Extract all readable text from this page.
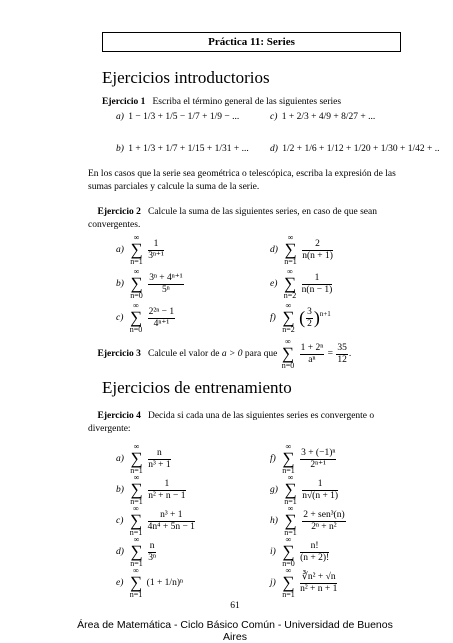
Práctica 11: Series
Ejercicios introductorios

Ejercicio 1 Escriba el término general de las siguientes series

a) 1 − 1/3 + 1/5 − 1/7 + 1/9 − ...
b) 1 + 1/3 + 1/7 + 1/15 + 1/31 + ...
c) 1 + 2/3 + 4/9 + 8/27 + ...
d) 1/2 + 1/6 + 1/12 + 1/20 + 1/30 + 1/42 + ..

En los casos que la serie sea geométrica o telescópica, escriba la expresión de las sumas parciales y calcule la suma de la serie.

Ejercicio 2 Calcule la suma de las siguientes series, en caso de que sean convergentes.

a) ∞
∑
$n=1 \frac{1}{\text{3ⁿ⁺¹}}$
b) ∞
∑
$n=0 \frac{\text{3ⁿ + 4ⁿ⁺¹}}{\text{5ⁿ}}$
c) ∞
∑
$n=0 \frac{\text{2²ⁿ − 1}}{\text{4ⁿ⁺¹}}$
d) ∞
∑
$n=1 \frac{2}{n(n + 1)}$
e) ∞
∑
$n=2 \frac{1}{n(n - 1)}$
f) ∞
∑
n=2 ( $\frac{3}{2} )^{n+1}$
Ejercicio 3 Calcule el valor de a > 0 para que ∞
∑
$n=0 \frac{\text{1 + 2ⁿ}}{\text{aⁿ}} = \frac{35}{12}$ .
Ejercicios de entrenamiento

Ejercicio 4 Decida si cada una de las siguientes series es convergente o divergente:

a) ∞
∑
$n=1 \frac{n}{\text{n³ + 1}}$
b) ∞
∑
$n=1 \frac{1}{\text{n² + n − 1}}$
c) ∞
∑
$n=1 \frac{\text{n³ + 1}}{\text{4n⁴ + 5n − 1}}$
d) ∞
∑
$n=1 \frac{n}{\text{3ⁿ}}$
e) ∞
∑
n=1 (1 + 1/n)ⁿ
f) ∞
∑
$n=1 \frac{\text{3 + (−1)ⁿ}}{\text{2ⁿ⁺¹}}$
g) ∞
∑
$n=1 \frac{1}{n√(n + 1)}$
h) ∞
∑
$n=1 \frac{\text{2 + sen³(n)}}{\text{2ⁿ + n²}}$
i) ∞
∑
$n=0 \frac{n!}{(n + 2)!}$
j) ∞
∑
$n=1 \frac{\text{∛n² + √n}}{\text{n² + n + 1}}$
61
Área de Matemática - Ciclo Básico Común - Universidad de Buenos Aires
